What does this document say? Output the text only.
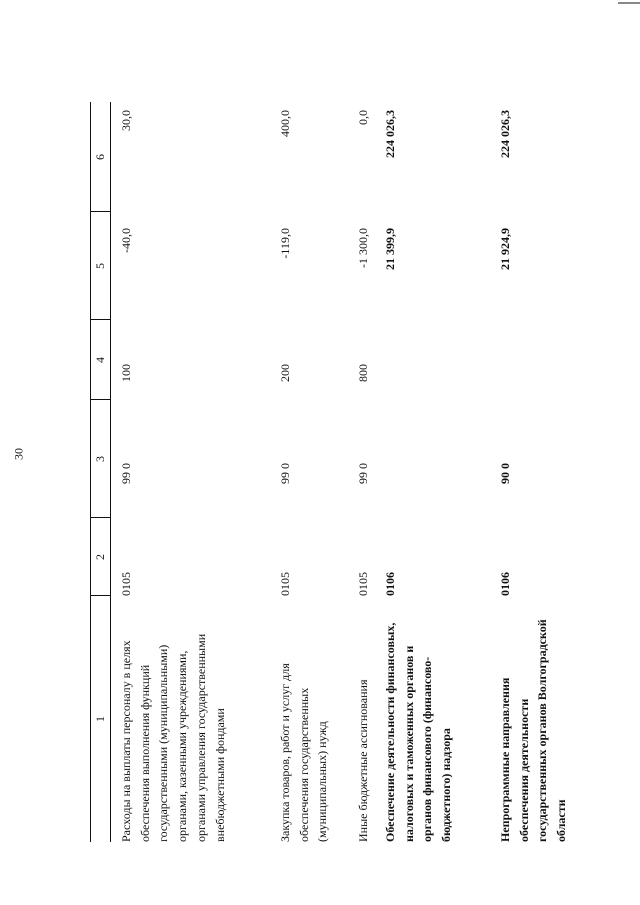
30
1
2
3
4
5
6
Расходы на выплаты персоналу в целях обеспечения выполнения функций государственными (муниципальными) органами, казенными учреждениями, органами управления государственными внебюджетными фондами
0105
99 0
100
-40,0
30,0
Закупка товаров, работ и услуг для обеспечения государственных (муниципальных) нужд
0105
99 0
200
-119,0
400,0
Иные бюджетные ассигнования
0105
99 0
800
-1 300,0
0,0
Обеспечение деятельности финансовых, налоговых и таможенных органов и органов финансового (финансово-бюджетного) надзора
0106
21 399,9
224 026,3
Непрограммные направления обеспечения деятельности государственных органов Волгоградской области
0106
90 0
21 924,9
224 026,3
